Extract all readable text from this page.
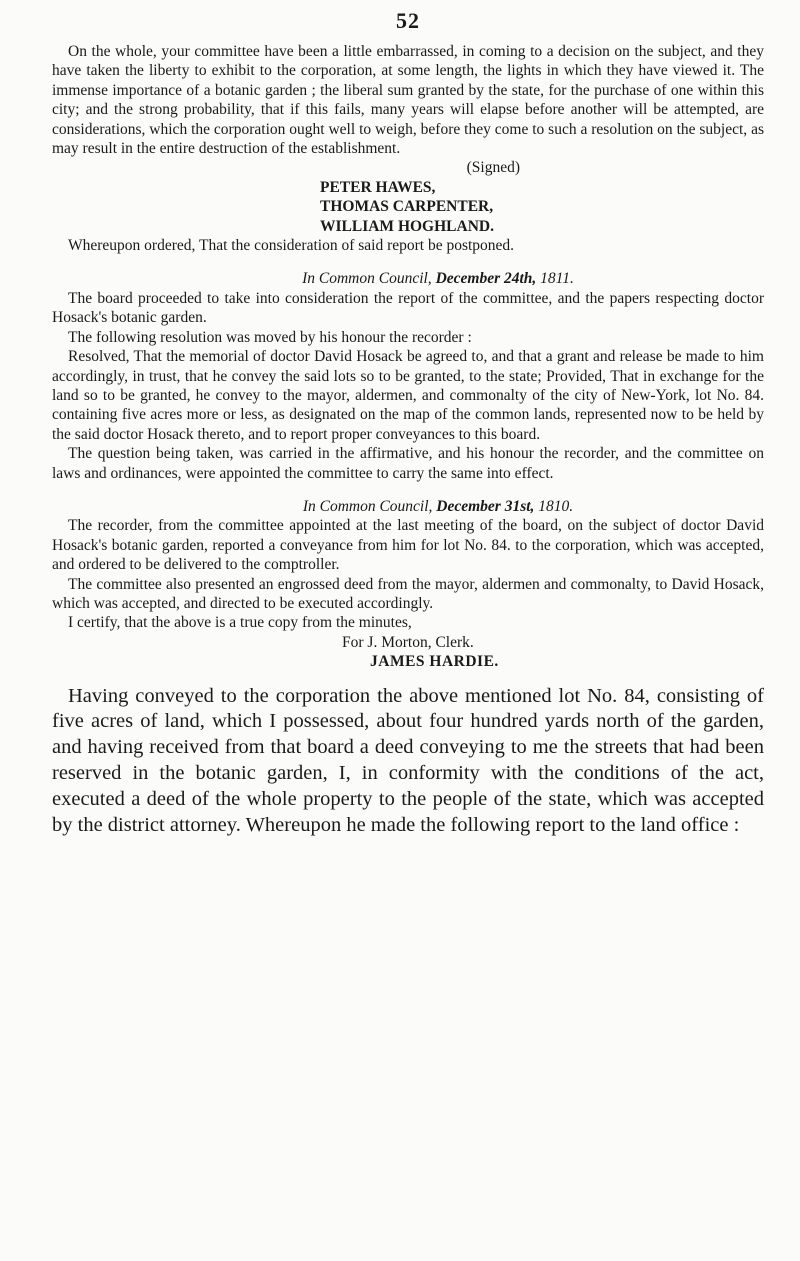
52

On the whole, your committee have been a little embarrassed, in coming to a decision on the subject, and they have taken the liberty to exhibit to the corporation, at some length, the lights in which they have viewed it. The immense importance of a botanic garden ; the liberal sum granted by the state, for the purchase of one within this city; and the strong probability, that if this fails, many years will elapse before another will be attempted, are considerations, which the corporation ought well to weigh, before they come to such a resolution on the subject, as may result in the entire destruction of the establishment.

(Signed)

PETER HAWES,
THOMAS CARPENTER,
WILLIAM HOGHLAND.

Whereupon ordered, That the consideration of said report be postponed.

In Common Council, December 24th, 1811.

The board proceeded to take into consideration the report of the committee, and the papers respecting doctor Hosack's botanic garden.

The following resolution was moved by his honour the recorder :

Resolved, That the memorial of doctor David Hosack be agreed to, and that a grant and release be made to him accordingly, in trust, that he convey the said lots so to be granted, to the state; Provided, That in exchange for the land so to be granted, he convey to the mayor, aldermen, and commonalty of the city of New-York, lot No. 84. containing five acres more or less, as designated on the map of the common lands, represented now to be held by the said doctor Hosack thereto, and to report proper conveyances to this board.

The question being taken, was carried in the affirmative, and his honour the recorder, and the committee on laws and ordinances, were appointed the committee to carry the same into effect.

In Common Council, December 31st, 1810.

The recorder, from the committee appointed at the last meeting of the board, on the subject of doctor David Hosack's botanic garden, reported a conveyance from him for lot No. 84. to the corporation, which was accepted, and ordered to be delivered to the comptroller.

The committee also presented an engrossed deed from the mayor, aldermen and commonalty, to David Hosack, which was accepted, and directed to be executed accordingly.

I certify, that the above is a true copy from the minutes,

For J. Morton, Clerk.
JAMES HARDIE.

Having conveyed to the corporation the above mentioned lot No. 84, consisting of five acres of land, which I possessed, about four hundred yards north of the garden, and having received from that board a deed conveying to me the streets that had been reserved in the botanic garden, I, in conformity with the conditions of the act, executed a deed of the whole property to the people of the state, which was accepted by the district attorney. Whereupon he made the following report to the land office :
